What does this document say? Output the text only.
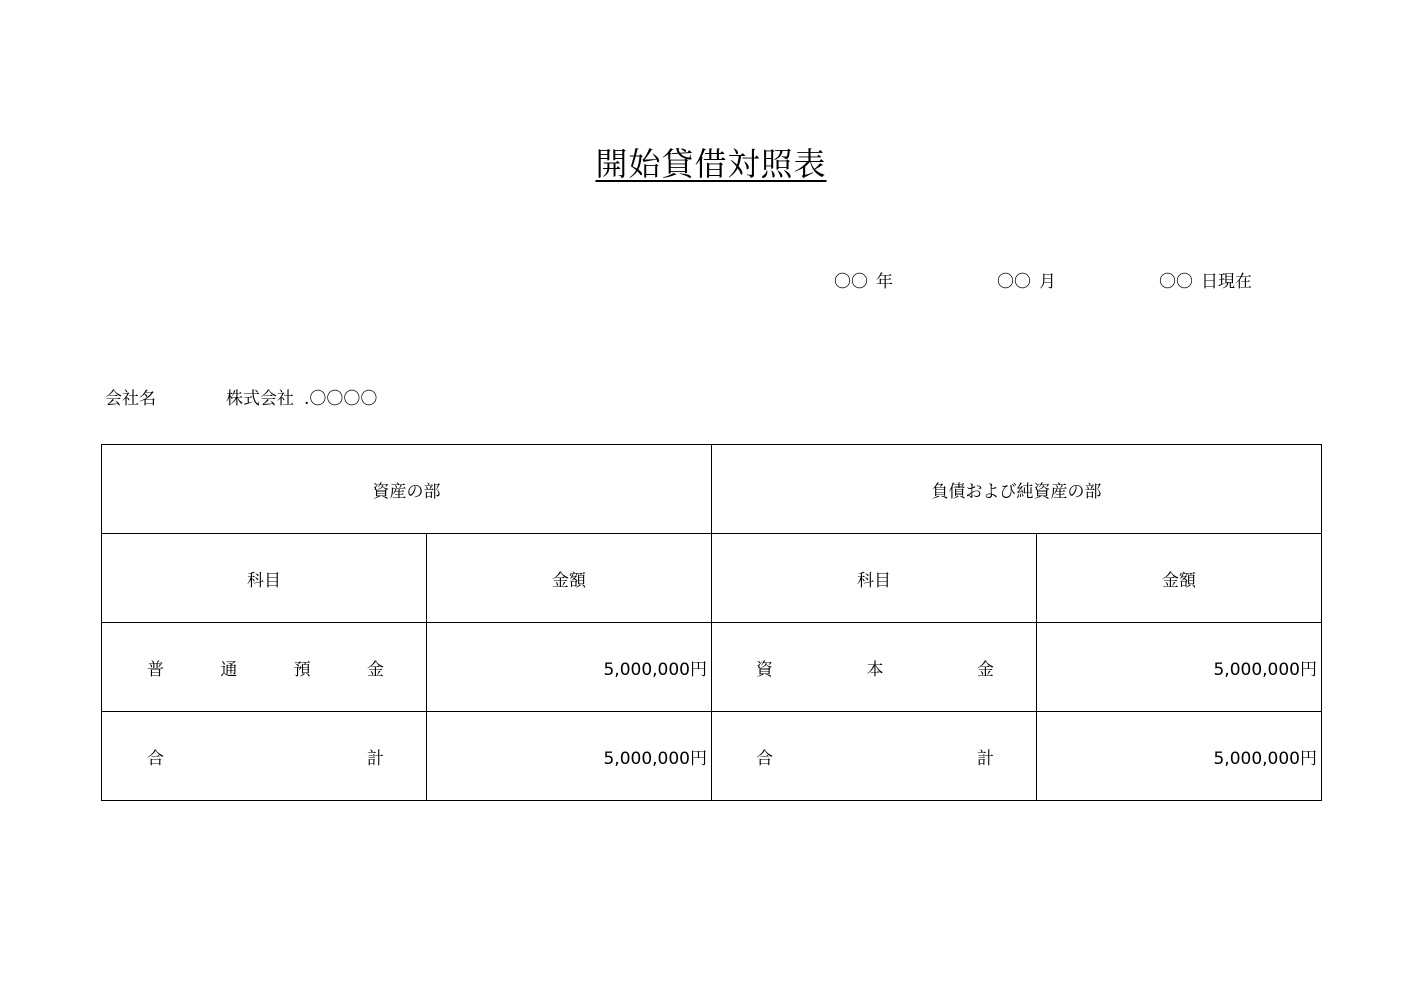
開始貸借対照表
〇〇 年	〇〇 月	〇〇 日現在
会社名	株式会社 .〇〇〇〇
資産の部		負債および純資産の部	
科目	金額	科目	金額

普 通 預 金	5,000,000円	資 本 金	5,000,000円

合 計	5,000,000円	合 計	5,000,000円
